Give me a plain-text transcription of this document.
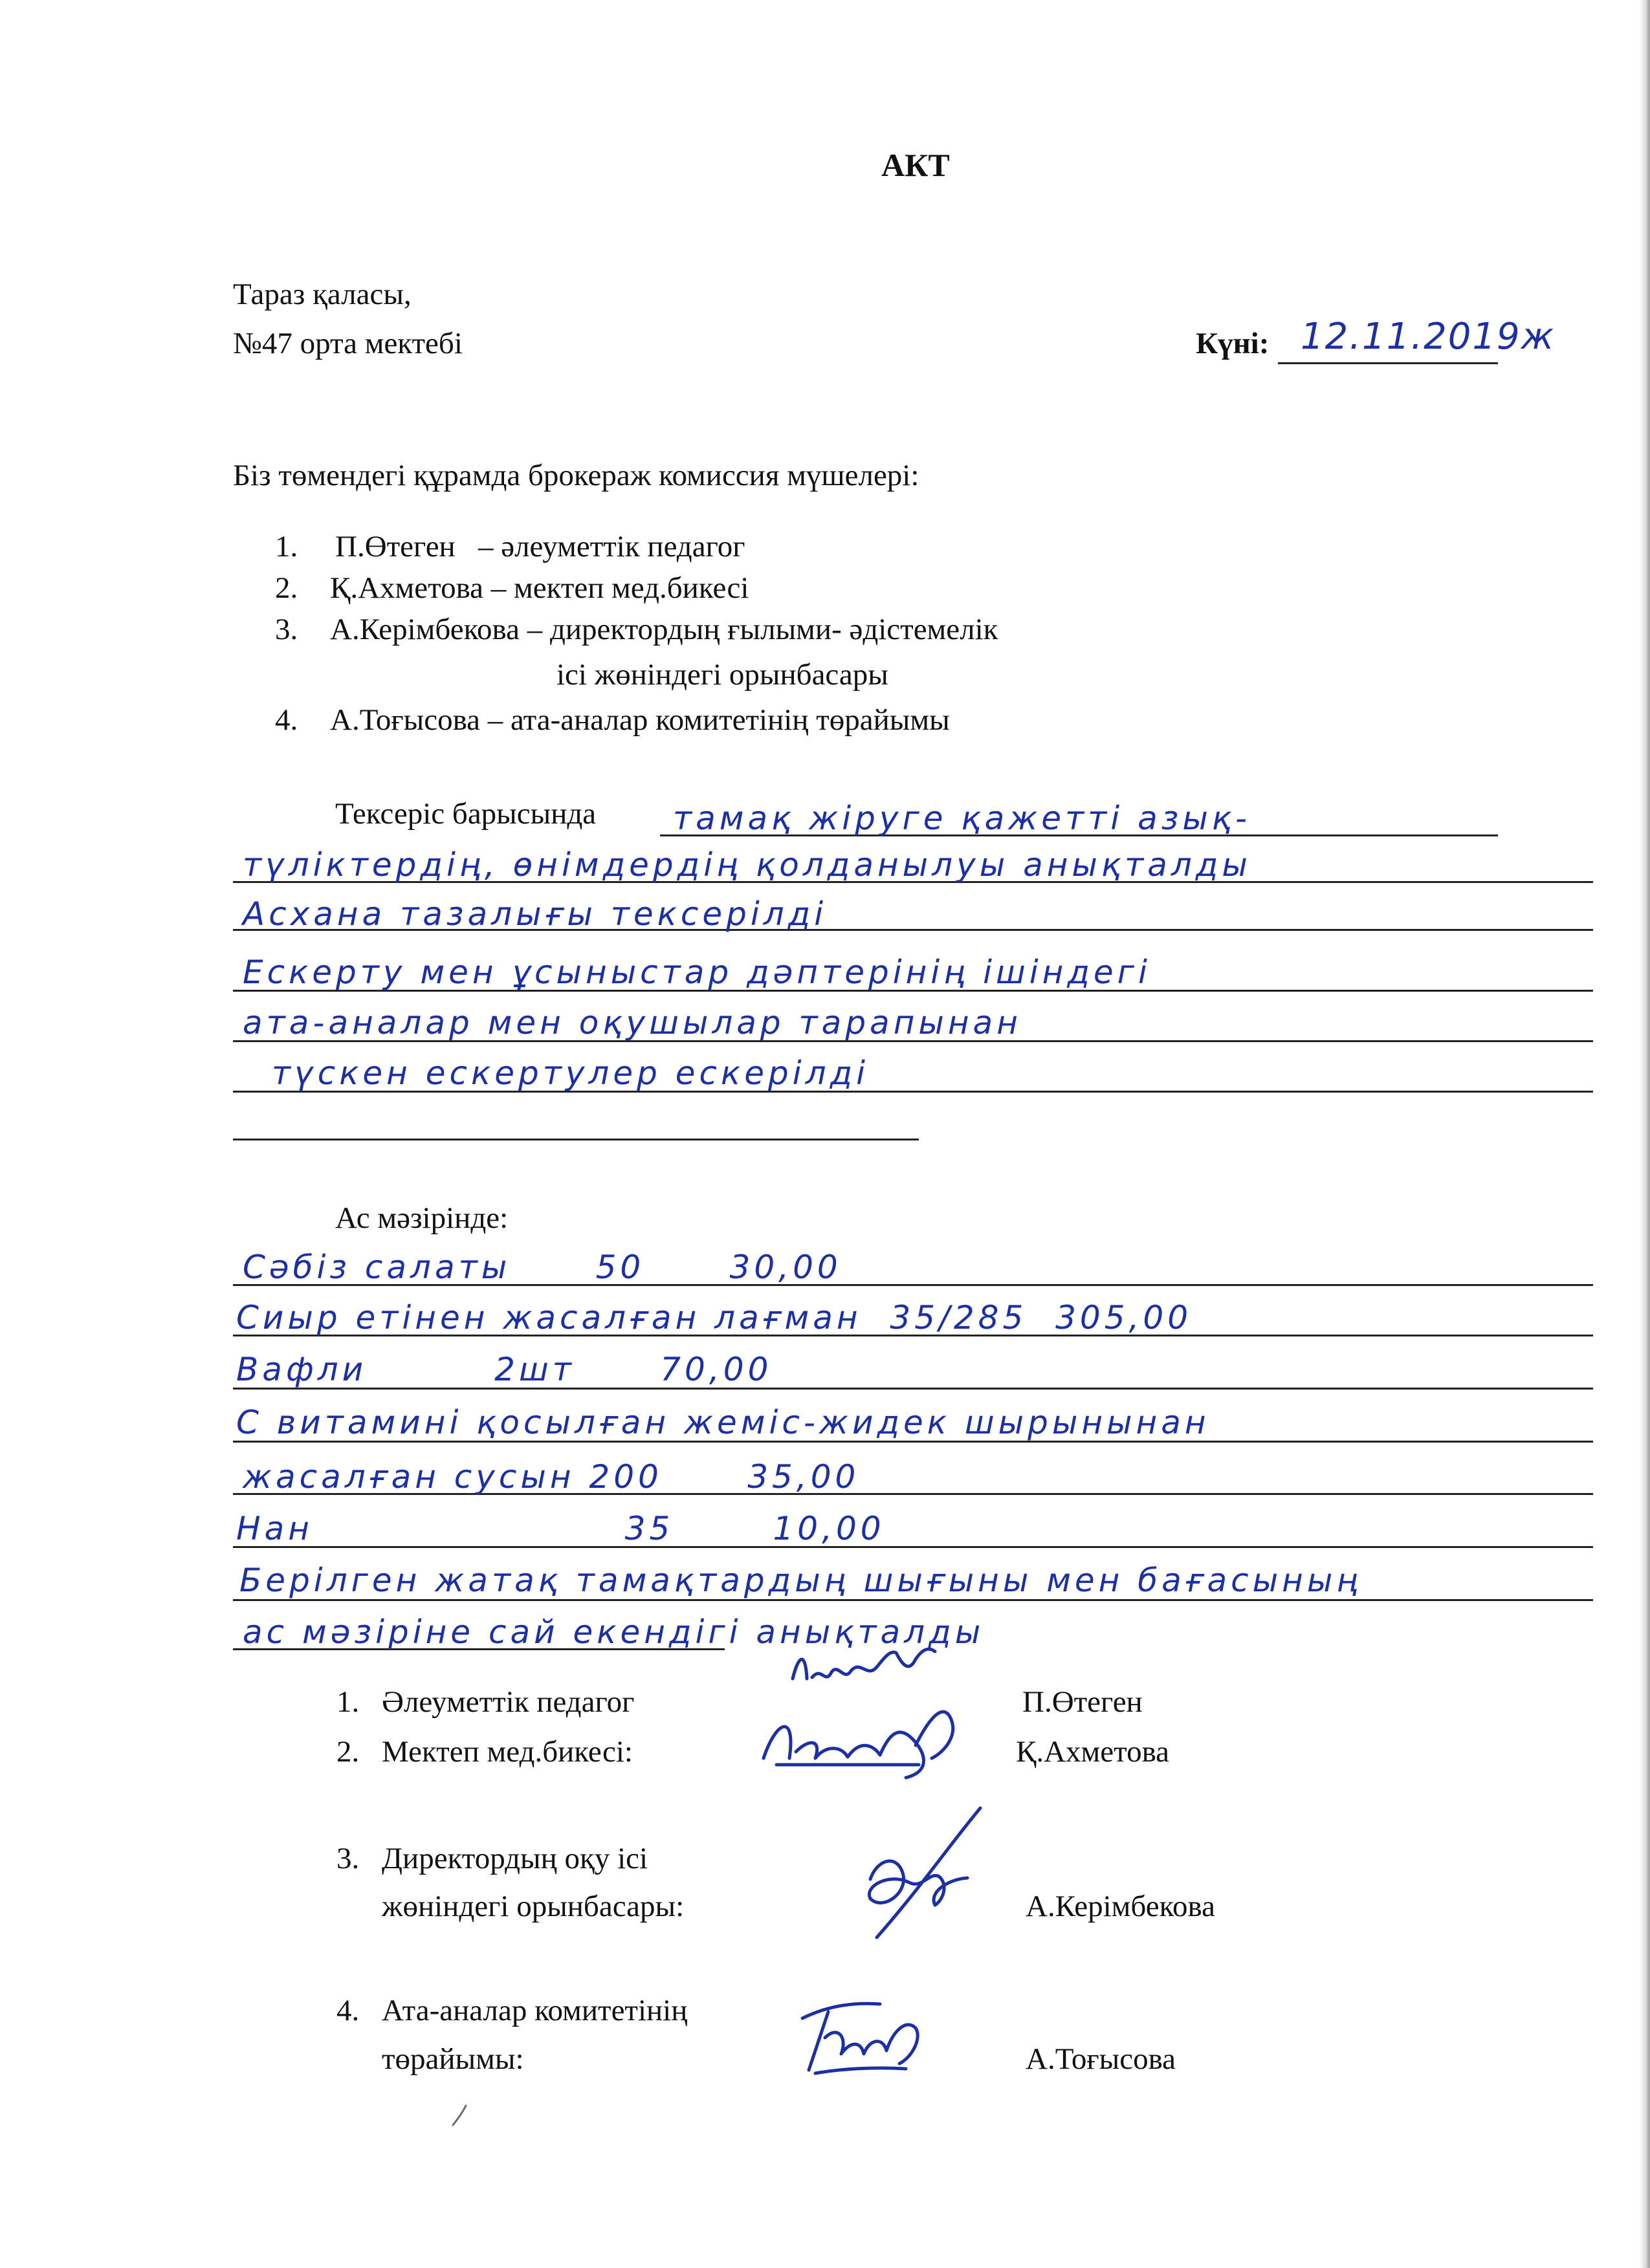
АКТ
Тараз қаласы,
№47 орта мектебі	Күні: 12.11.2019ж
Біз төмендегі құрамда брокераж комиссия мүшелері:
1. П.Өтеген   – әлеуметтік педагог
2. Қ.Ахметова – мектеп мед.бикесі
3. А.Керімбекова – директордың ғылыми- әдістемелік
ісі жөніндегі орынбасары
4. А.Тоғысова – ата-аналар комитетінің төрайымы
Тексеріс барысында тамақ жіруге қажетті азық-
түліктердің, өнімдердің қолданылуы анықталды
Асхана тазалығы тексерілді
Ескерту мен ұсыныстар дәптерінің ішіндегі
ата-аналар мен оқушылар тарапынан
түскен ескертулер ескерілді
Ас мәзірінде:
Сәбіз салаты      50      30,00
Сиыр етінен жасалған лағман  35/285  305,00
Вафли         2шт      70,00
С витамині қосылған жеміс-жидек шырынынан
жасалған сусын 200      35,00
Нан                      35       10,00
Берілген жатақ тамақтардың шығыны мен бағасының
ас мәзіріне сай екендігі анықталды
1. Әлеуметтік педагог	П.Өтеген
2. Мектеп мед.бикесі:	Қ.Ахметова
3. Директордың оқу ісі
жөніндегі орынбасары:	А.Керімбекова
4. Ата-аналар комитетінің
төрайымы:	А.Тоғысова
